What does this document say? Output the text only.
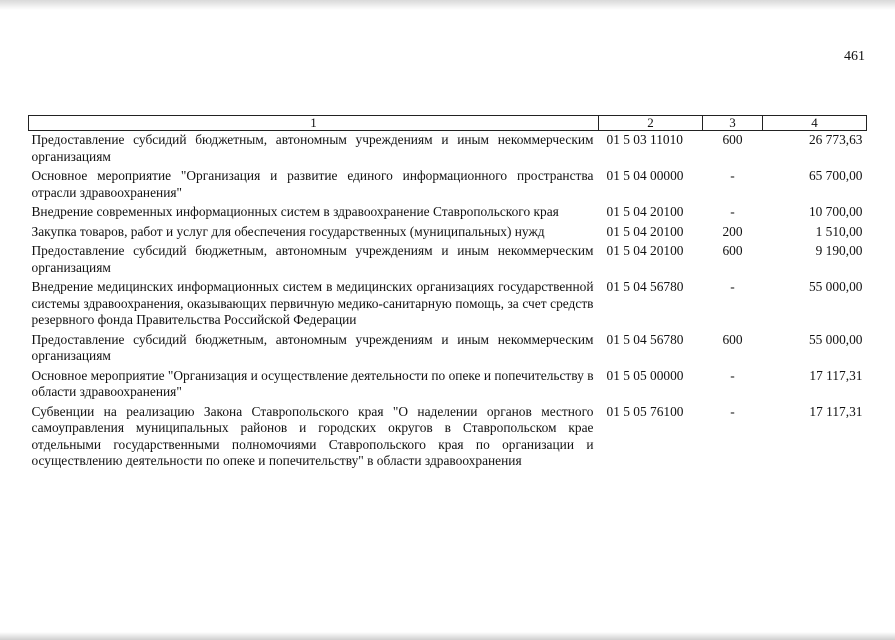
461
1	2	3	4
Предоставление субсидий бюджетным, автономным учреждениям и иным некоммерческим организациям	01 5 03 11010	600	26 773,63
Основное мероприятие "Организация и развитие единого информационного пространства отрасли здравоохранения"	01 5 04 00000	-	65 700,00
Внедрение современных информационных систем в здравоохранение Ставропольского края	01 5 04 20100	-	10 700,00
Закупка товаров, работ и услуг для обеспечения государственных (муниципальных) нужд	01 5 04 20100	200	1 510,00
Предоставление субсидий бюджетным, автономным учреждениям и иным некоммерческим организациям	01 5 04 20100	600	9 190,00
Внедрение медицинских информационных систем в медицинских организациях государственной системы здравоохранения, оказывающих первичную медико-санитарную помощь, за счет средств резервного фонда Правительства Российской Федерации	01 5 04 56780	-	55 000,00
Предоставление субсидий бюджетным, автономным учреждениям и иным некоммерческим организациям	01 5 04 56780	600	55 000,00
Основное мероприятие "Организация и осуществление деятельности по опеке и попечительству в области здравоохранения"	01 5 05 00000	-	17 117,31
Субвенции на реализацию Закона Ставропольского края "О наделении органов местного самоуправления муниципальных районов и городских округов в Ставропольском крае отдельными государственными полномочиями Ставропольского края по организации и осуществлению деятельности по опеке и попечительству" в области здравоохранения	01 5 05 76100	-	17 117,31
